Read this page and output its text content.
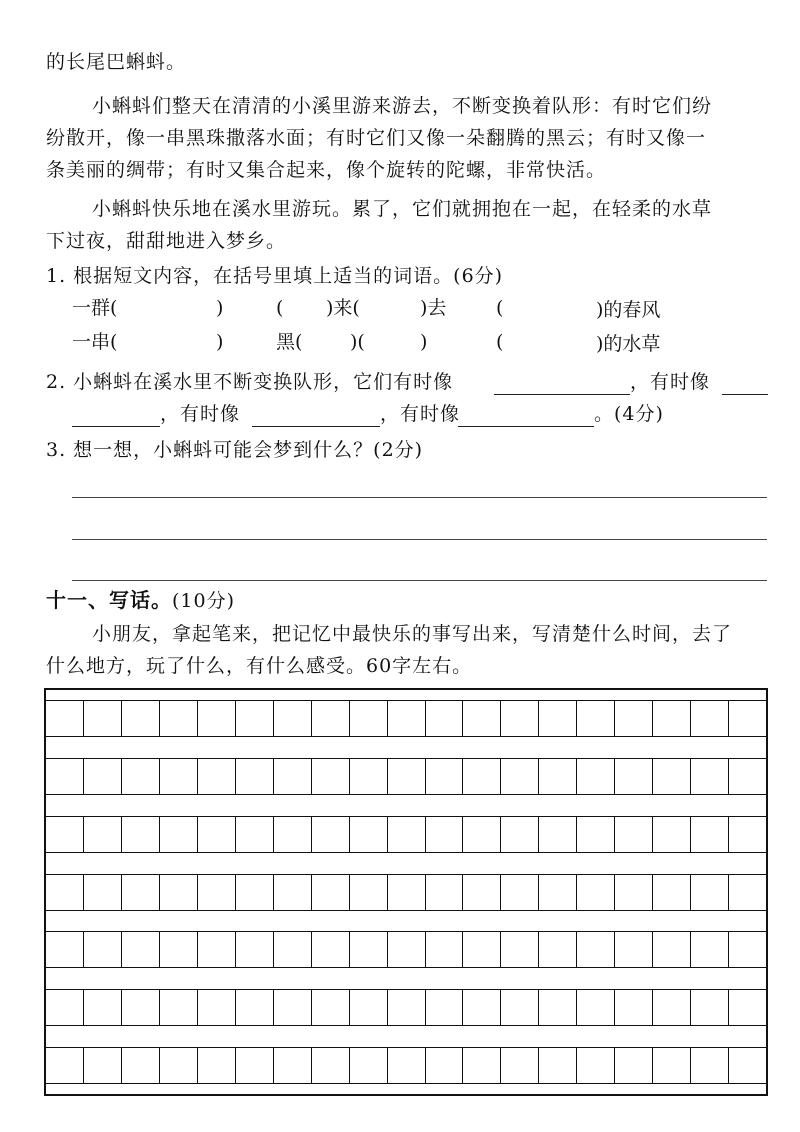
的长尾巴蝌蚪。
小蝌蚪们整天在清清的小溪里游来游去，不断变换着队形：有时它们纷
纷散开，像一串黑珠撒落水面；有时它们又像一朵翻腾的黑云；有时又像一
条美丽的绸带；有时又集合起来，像个旋转的陀螺，非常快活。
小蝌蚪快乐地在溪水里游玩。累了，它们就拥抱在一起，在轻柔的水草
下过夜，甜甜地进入梦乡。
1. 根据短文内容，在括号里填上适当的词语。(6分)
一群(	)	( )来(	)去	(	)的春风
一串(	)	黑(	)(	)	(	)的水草
2. 小蝌蚪在溪水里不断变换队形，它们有时像	，有时像
，有时像	，有时像	。(4分)
3. 想一想，小蝌蚪可能会梦到什么？(2分)
十一、写话。(10分)
小朋友，拿起笔来，把记忆中最快乐的事写出来，写清楚什么时间，去了
什么地方，玩了什么，有什么感受。60字左右。
